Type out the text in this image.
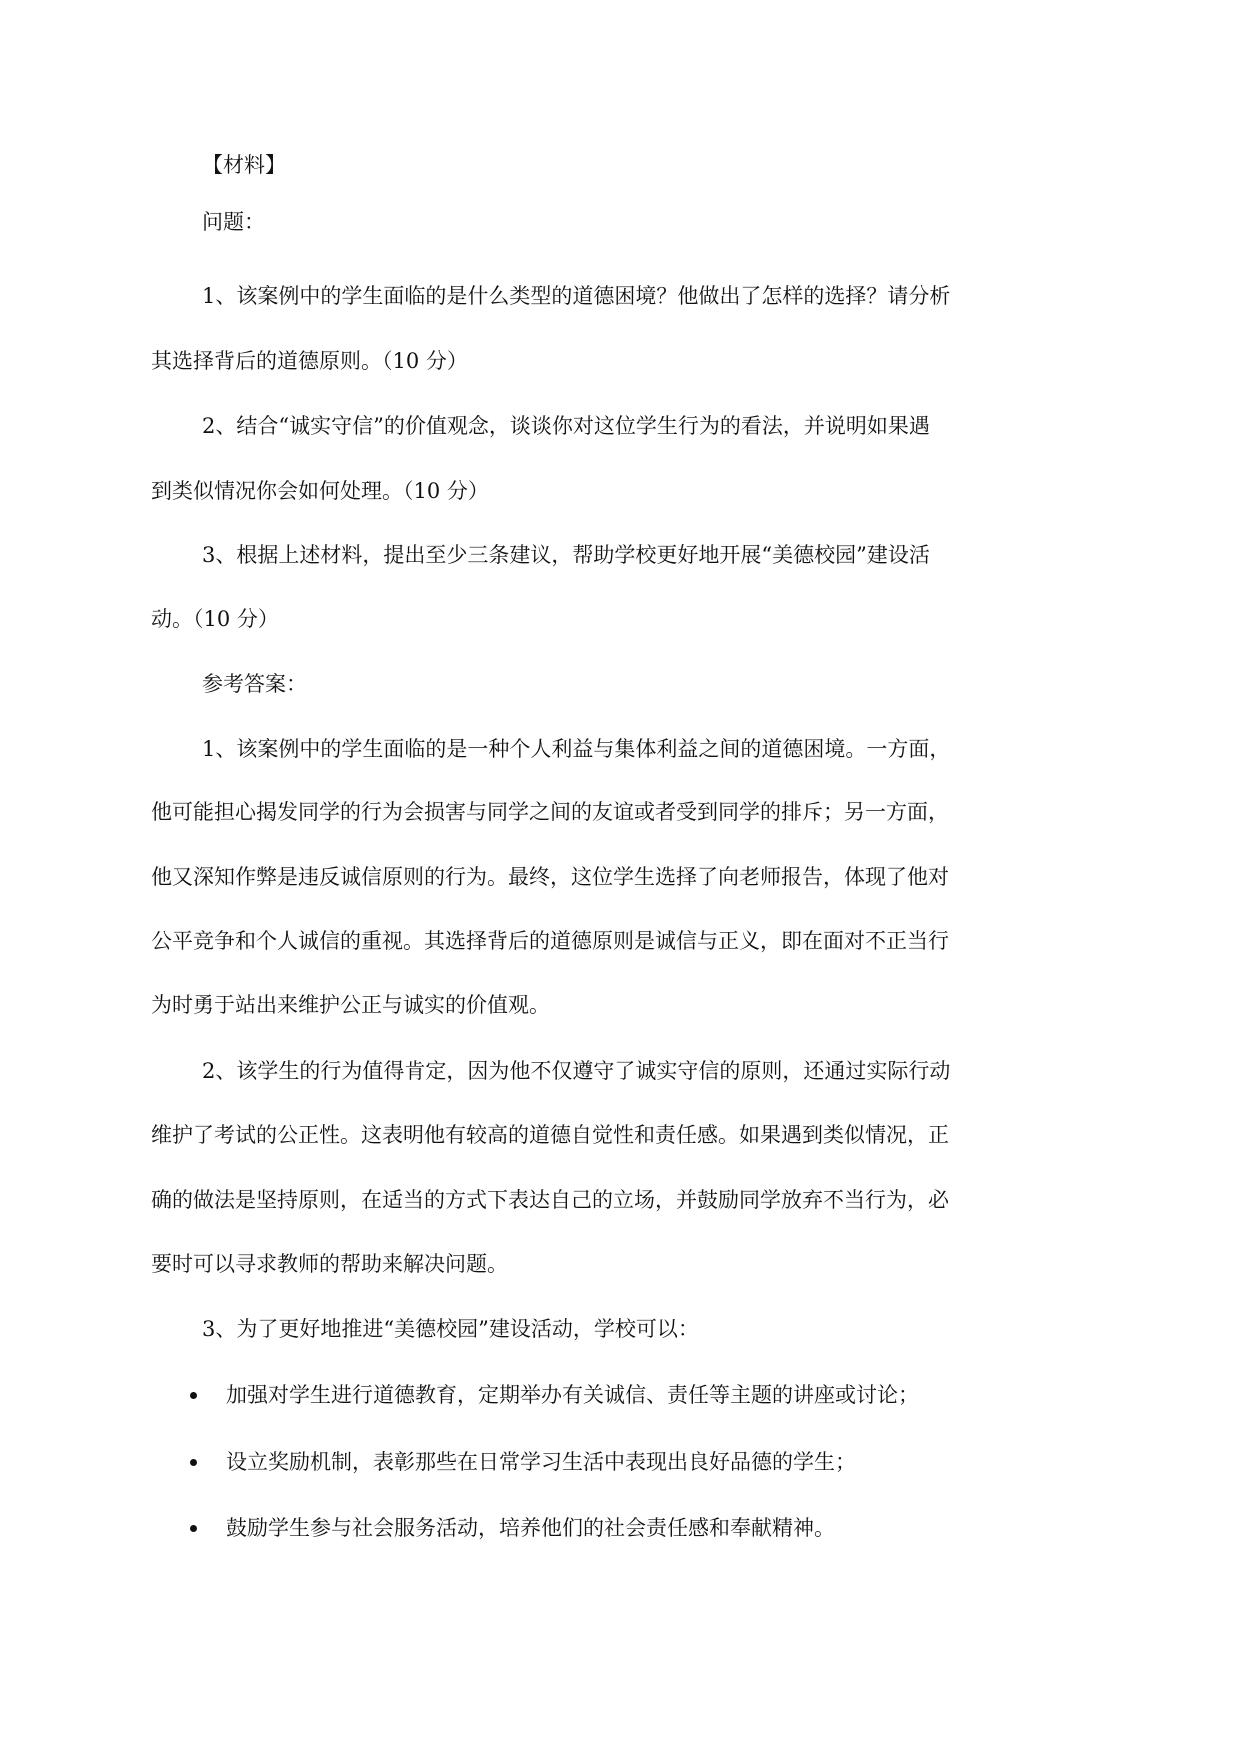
【材料】
问题：
1、该案例中的学生面临的是什么类型的道德困境？他做出了怎样的选择？请分析
其选择背后的道德原则。（10 分）
2、结合“诚实守信”的价值观念，谈谈你对这位学生行为的看法，并说明如果遇
到类似情况你会如何处理。（10 分）
3、根据上述材料，提出至少三条建议，帮助学校更好地开展“美德校园”建设活
动。（10 分）
参考答案：
1、该案例中的学生面临的是一种个人利益与集体利益之间的道德困境。一方面，
他可能担心揭发同学的行为会损害与同学之间的友谊或者受到同学的排斥；另一方面，
他又深知作弊是违反诚信原则的行为。最终，这位学生选择了向老师报告，体现了他对
公平竞争和个人诚信的重视。其选择背后的道德原则是诚信与正义，即在面对不正当行
为时勇于站出来维护公正与诚实的价值观。
2、该学生的行为值得肯定，因为他不仅遵守了诚实守信的原则，还通过实际行动
维护了考试的公正性。这表明他有较高的道德自觉性和责任感。如果遇到类似情况，正
确的做法是坚持原则，在适当的方式下表达自己的立场，并鼓励同学放弃不当行为，必
要时可以寻求教师的帮助来解决问题。
3、为了更好地推进“美德校园”建设活动，学校可以：
加强对学生进行道德教育，定期举办有关诚信、责任等主题的讲座或讨论；
设立奖励机制，表彰那些在日常学习生活中表现出良好品德的学生；
鼓励学生参与社会服务活动，培养他们的社会责任感和奉献精神。
